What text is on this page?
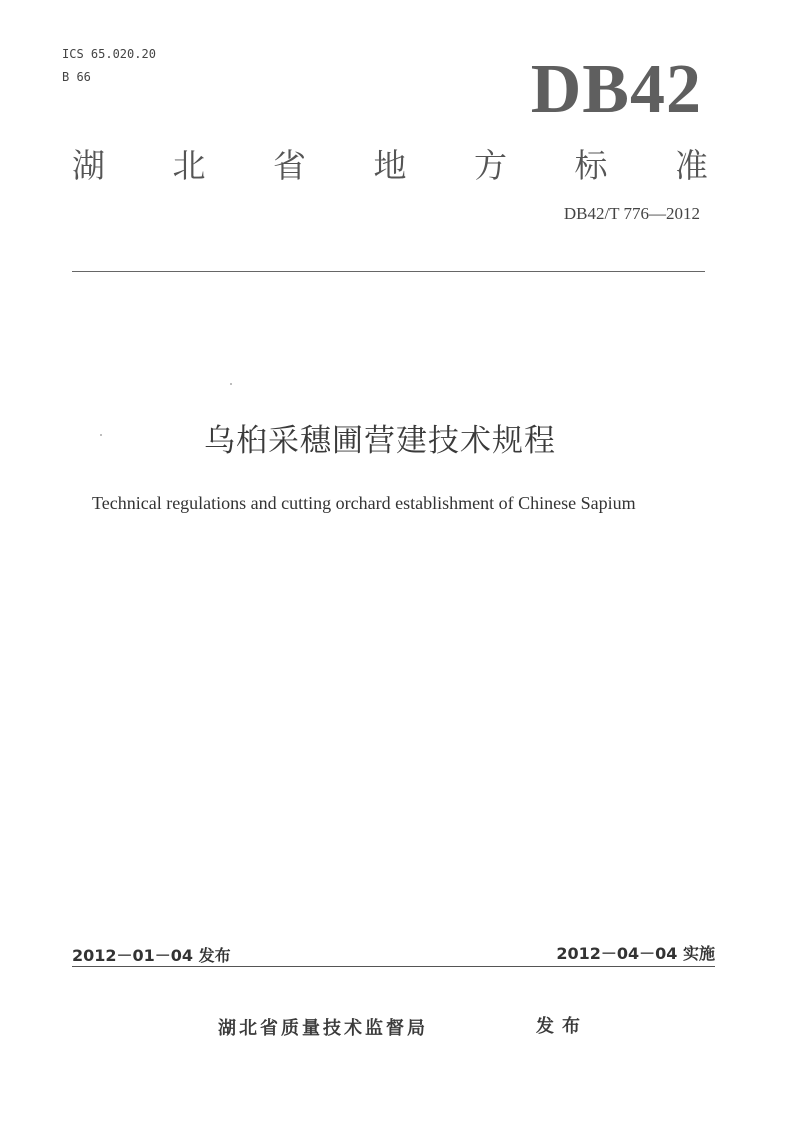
ICS 65.020.20
B 66	DB42
湖 北 省 地 方 标 准
DB42/T 776—2012
乌桕采穗圃营建技术规程
Technical regulations and cutting orchard establishment of Chinese Sapium
2012－01－04 发布	2012－04－04 实施
湖北省质量技术监督局	发布
